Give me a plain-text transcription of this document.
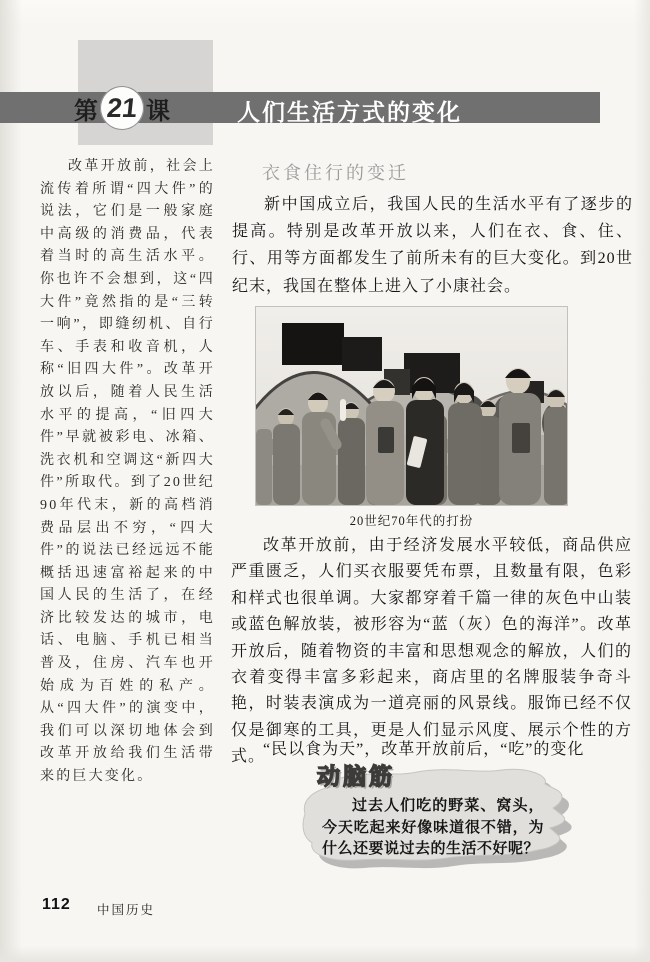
第 21 课	人们生活方式的变化
改革开放前，社会上流传着所谓“四大件”的说法，它们是一般家庭中高级的消费品，代表着当时的高生活水平。你也许不会想到，这“四大件”竟然指的是“三转一响”，即缝纫机、自行车、手表和收音机，人称“旧四大件”。改革开放以后，随着人民生活水平的提高，“旧四大件”早就被彩电、冰箱、洗衣机和空调这“新四大件”所取代。到了20世纪90年代末，新的高档消费品层出不穷，“四大件”的说法已经远远不能概括迅速富裕起来的中国人民的生活了，在经济比较发达的城市，电话、电脑、手机已相当普及，住房、汽车也开始成为百姓的私产。从“四大件”的演变中，我们可以深切地体会到改革开放给我们生活带来的巨大变化。
衣食住行的变迁
新中国成立后，我国人民的生活水平有了逐步的提高。特别是改革开放以来，人们在衣、食、住、行、用等方面都发生了前所未有的巨大变化。到20世纪末，我国在整体上进入了小康社会。
20世纪70年代的打扮
改革开放前，由于经济发展水平较低，商品供应严重匮乏，人们买衣服要凭布票，且数量有限，色彩和样式也很单调。大家都穿着千篇一律的灰色中山装或蓝色解放装，被形容为“蓝（灰）色的海洋”。改革开放后，随着物资的丰富和思想观念的解放，人们的衣着变得丰富多彩起来，商店里的名牌服装争奇斗艳，时装表演成为一道亮丽的风景线。服饰已经不仅仅是御寒的工具，更是人们显示风度、展示个性的方式。
“民以食为天”，改革开放前后，“吃”的变化
动脑筋
过去人们吃的野菜、窝头，今天吃起来好像味道很不错，为什么还要说过去的生活不好呢？
112 中国历史
